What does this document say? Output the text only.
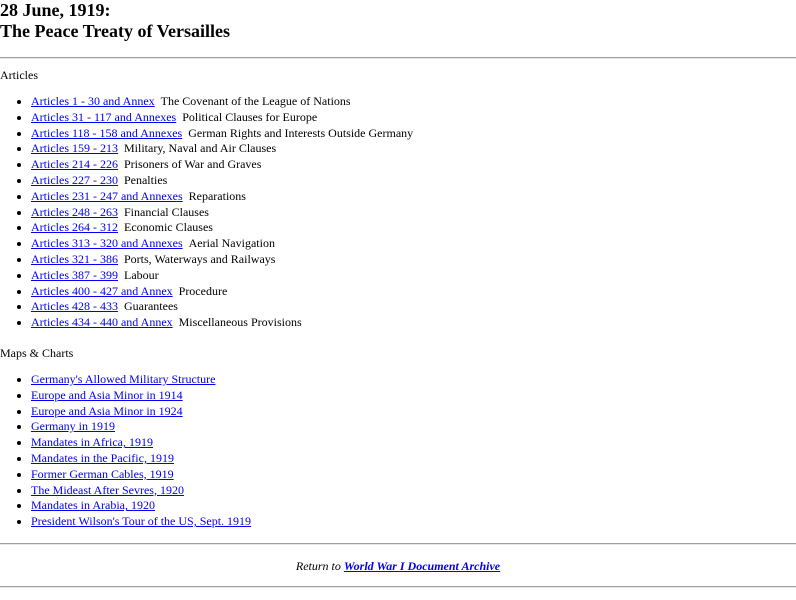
28 June, 1919:
The Peace Treaty of Versailles
Articles
• Articles 1 - 30 and Annex The Covenant of the League of Nations
• Articles 31 - 117 and Annexes Political Clauses for Europe
• Articles 118 - 158 and Annexes German Rights and Interests Outside Germany
• Articles 159 - 213 Military, Naval and Air Clauses
• Articles 214 - 226 Prisoners of War and Graves
• Articles 227 - 230 Penalties
• Articles 231 - 247 and Annexes Reparations
• Articles 248 - 263 Financial Clauses
• Articles 264 - 312 Economic Clauses
• Articles 313 - 320 and Annexes Aerial Navigation
• Articles 321 - 386 Ports, Waterways and Railways
• Articles 387 - 399 Labour
• Articles 400 - 427 and Annex Procedure
• Articles 428 - 433 Guarantees
• Articles 434 - 440 and Annex Miscellaneous Provisions
Maps & Charts
• Germany's Allowed Military Structure
• Europe and Asia Minor in 1914
• Europe and Asia Minor in 1924
• Germany in 1919
• Mandates in Africa, 1919
• Mandates in the Pacific, 1919
• Former German Cables, 1919
• The Mideast After Sevres, 1920
• Mandates in Arabia, 1920
• President Wilson's Tour of the US, Sept. 1919
Return to World War I Document Archive
